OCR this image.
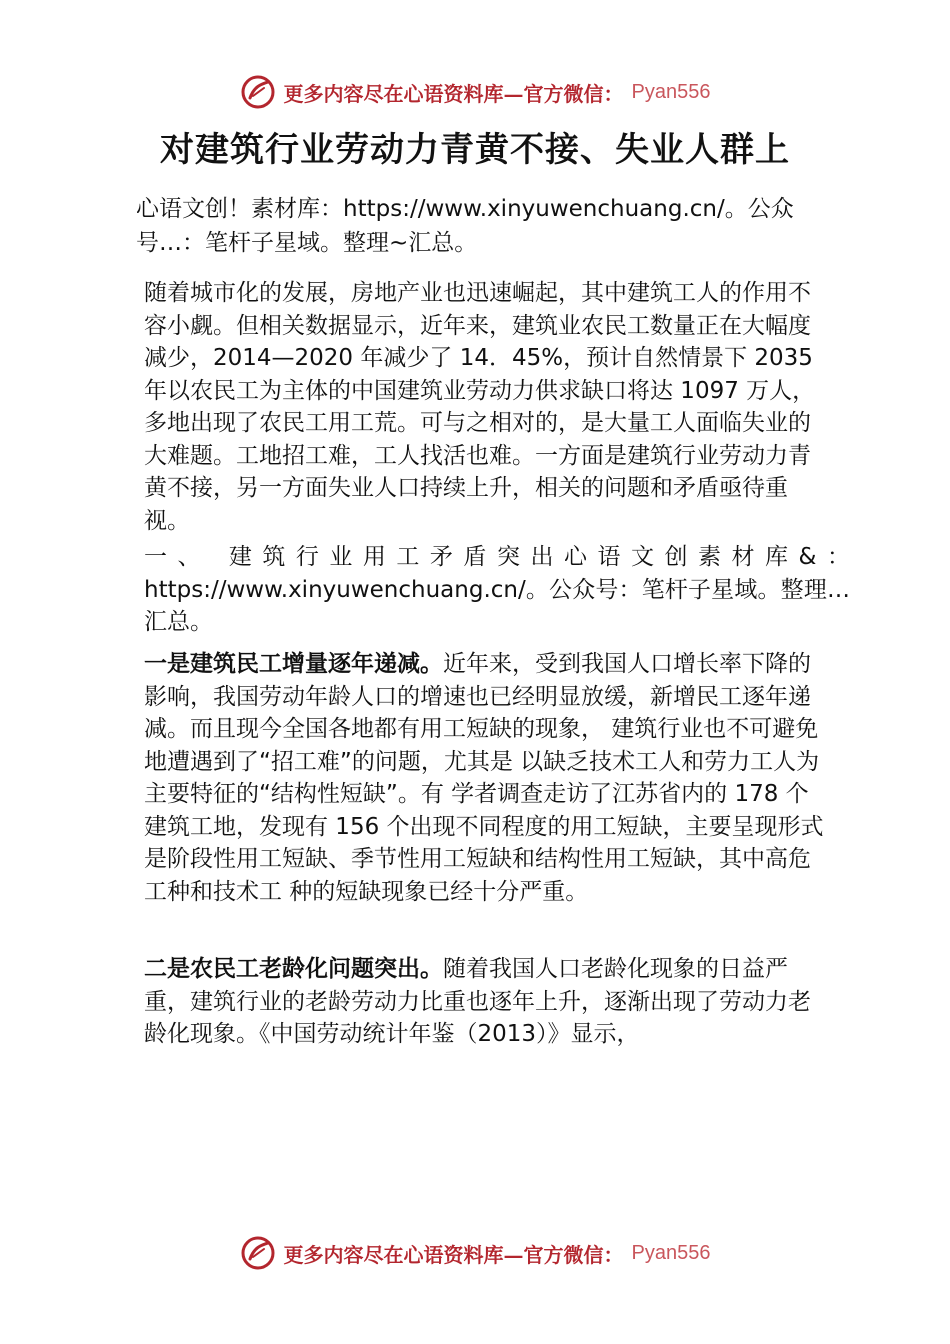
更多内容尽在心语资料库—官方微信： Pyan556
对建筑行业劳动力青黄不接、失业人群上

心语文创！素材库：https://www.xinyuwenchuang.cn/。公众号…：笔杆子星域。整理~汇总。

随着城市化的发展，房地产业也迅速崛起，其中建筑工人的作用不容小觑。但相关数据显示，近年来，建筑业农民工数量正在大幅度减少，2014—2020 年减少了 14．45%，预计自然情景下 2035 年以农民工为主体的中国建筑业劳动力供求缺口将达 1097 万人，多地出现了农民工用工荒。可与之相对的，是大量工人面临失业的大难题。工地招工难，工人找活也难。一方面是建筑行业劳动力青黄不接，另一方面失业人口持续上升，相关的问题和矛盾亟待重视。

一、 建筑行业用工矛盾突出心语文创素材库&：https://www.xinyuwenchuang.cn/。公众号：笔杆子星域。整理…汇总。

一是建筑民工增量逐年递减。近年来，受到我国人口增长率下降的影响，我国劳动年龄人口的增速也已经明显放缓，新增民工逐年递减。而且现今全国各地都有用工短缺的现象， 建筑行业也不可避免地遭遇到了“招工难”的问题，尤其是 以缺乏技术工人和劳力工人为主要特征的“结构性短缺”。有 学者调查走访了江苏省内的 178 个建筑工地，发现有 156 个出现不同程度的用工短缺，主要呈现形式是阶段性用工短缺、季节性用工短缺和结构性用工短缺，其中高危工种和技术工 种的短缺现象已经十分严重。

二是农民工老龄化问题突出。随着我国人口老龄化现象的日益严重，建筑行业的老龄劳动力比重也逐年上升，逐渐出现了劳动力老龄化现象。《中国劳动统计年鉴（2013）》显示，

更多内容尽在心语资料库—官方微信： Pyan556
